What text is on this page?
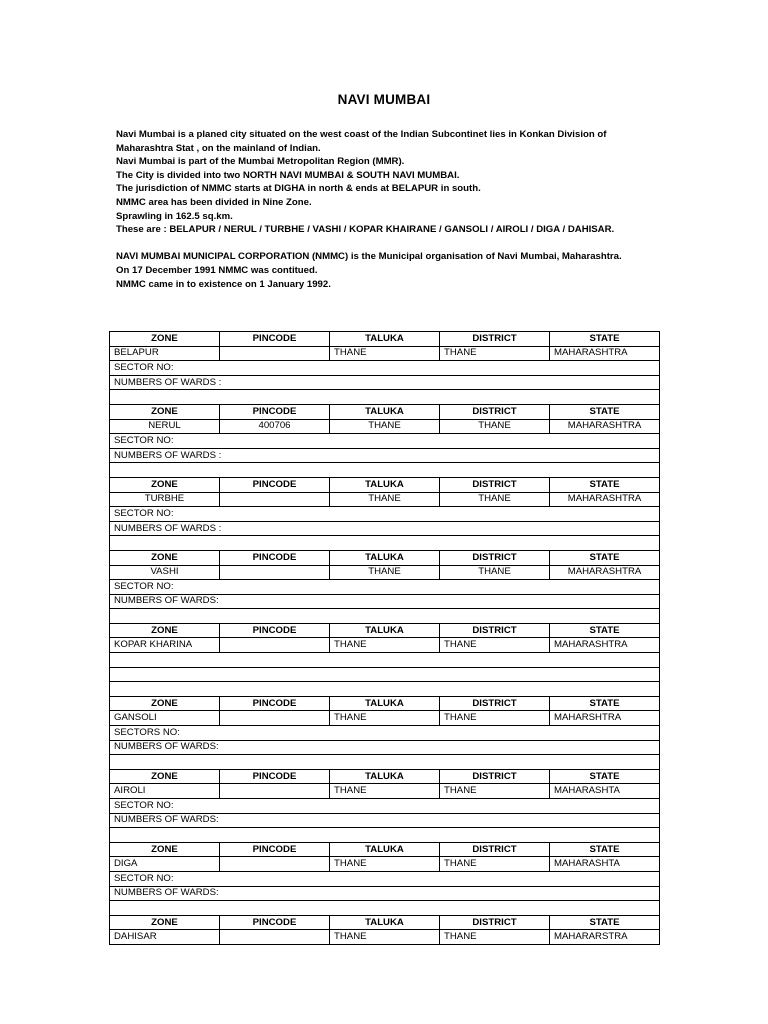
NAVI MUMBAI

Navi Mumbai is a planed city situated on the west coast of the Indian Subcontinet lies in Konkan Division of Maharashtra Stat , on the mainland of Indian.

Navi Mumbai is part of the Mumbai Metropolitan Region (MMR).

The City is divided into two NORTH NAVI MUMBAI & SOUTH NAVI MUMBAI.

The jurisdiction of NMMC starts at DIGHA in north & ends at BELAPUR in south.

NMMC area has been divided in Nine Zone.

Sprawling in 162.5 sq.km.

These are : BELAPUR / NERUL / TURBHE / VASHI / KOPAR KHAIRANE / GANSOLI / AIROLI / DIGA / DAHISAR.

NAVI MUMBAI MUNICIPAL CORPORATION (NMMC) is the Municipal organisation of Navi Mumbai, Maharashtra.

On 17 December 1991 NMMC was contitued.

NMMC came in to existence on 1 January 1992.

ZONE	PINCODE	TALUKA	DISTRICT	STATE
BELAPUR		THANE	THANE	MAHARASHTRA
SECTOR NO:				
NUMBERS OF WARDS :				

ZONE	PINCODE	TALUKA	DISTRICT	STATE
NERUL	400706	THANE	THANE	MAHARASHTRA
SECTOR NO:				
NUMBERS OF WARDS :				

ZONE	PINCODE	TALUKA	DISTRICT	STATE
TURBHE		THANE	THANE	MAHARASHTRA
SECTOR NO:				
NUMBERS OF WARDS :				

ZONE	PINCODE	TALUKA	DISTRICT	STATE
VASHI		THANE	THANE	MAHARASHTRA
SECTOR NO:				
NUMBERS OF WARDS:				

ZONE	PINCODE	TALUKA	DISTRICT	STATE
KOPAR KHARINA		THANE	THANE	MAHARASHTRA

ZONE	PINCODE	TALUKA	DISTRICT	STATE
GANSOLI		THANE	THANE	MAHARSHTRA
SECTORS NO:				
NUMBERS OF WARDS:				

ZONE	PINCODE	TALUKA	DISTRICT	STATE
AIROLI		THANE	THANE	MAHARASHTA
SECTOR NO:				
NUMBERS OF WARDS:				

ZONE	PINCODE	TALUKA	DISTRICT	STATE
DIGA		THANE	THANE	MAHARASHTA
SECTOR NO:				
NUMBERS OF WARDS:				

ZONE	PINCODE	TALUKA	DISTRICT	STATE
DAHISAR		THANE	THANE	MAHARARSTRA
